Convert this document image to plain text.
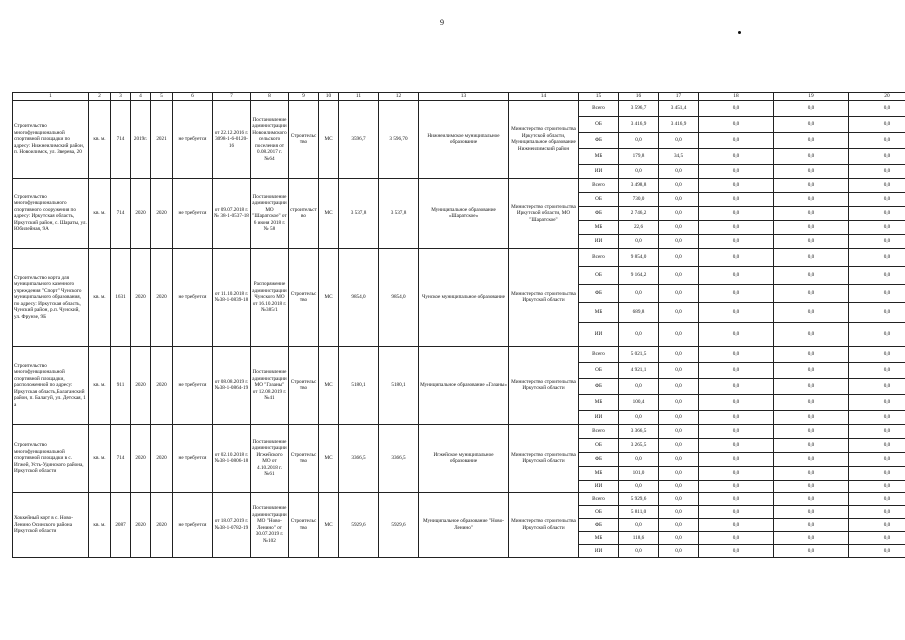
9
1	2	3	4	5	6	7	8	9	10	11	12	13	14	15	16	17	18	19	20
Строительство многофункциональной спортивной площадки по адресу: Нижнеилимский район, п. Новоилимск, ул. Зверева, 20	кв. м.	714	2019г.	2021	не требуется	от 22.12.2016 г. 3098-1-6-0120-16	Постановление администрации Новоилимского сельского поселения от 0.08.2017 г. №64	Строительство	МС	3596,7	3 596,70	Нижнеилимское муниципальное образование	Министерство строительства Иркутской области, Муниципальное образование Нижнеилимский район	Всего	3 596,7	3 451,4	0,0	0,0	0,0
														ОБ	3 416,9	3 416,9	0,0	0,0	0,0
														ФБ	0,0	0,0	0,0	0,0	0,0
														МБ	179,8	34,5	0,0	0,0	0,0
														ИИ	0,0	0,0	0,0	0,0	0,0
Строительство многофункционального спортивного сооружения по адресу: Иркутская область, Иркутский район, с. Шараты, ул. Юбилейная, 9А	кв. м.	714	2020	2020	не требуется	от 09.07.2018 г. № 38-1-0537-18	Постановление администрации МО "Шаратское" от 6 июня 2018 г. № 58	строительство	МС	3 537,8	3 537,8	Муниципальное образование «Шаратское»	Министерство строительства Иркутской области, МО "Шаратское"	Всего	3 498,8	0,0	0,0	0,0	0,0
														ОБ	730,0	0,0	0,0	0,0	0,0
														ФБ	2 746,2	0,0	0,0	0,0	0,0
														МБ	22,6	0,0	0,0	0,0	0,0
														ИИ	0,0	0,0	0,0	0,0	0,0
Строительство корта для муниципального казенного учреждения "Спорт" Чунского муниципального образования, по адресу: Иркутская область, Чунский район, р.п. Чунский, ул. Фрунзе, 9Б	кв. м.	1631	2020	2020	не требуется	от 11.10.2018 г. №38-1-0839-18	Распоряжение администрации Чунского МО от 16.10.2018 г. №385/1	Строительство	МС	9854,0	9854,0	Чунское муниципальное образование	Министерство строительства Иркутской области	Всего	9 854,0	0,0	0,0	0,0	0,0
														ОБ	9 164,2	0,0	0,0	0,0	0,0
														ФБ	0,0	0,0	0,0	0,0	0,0
														МБ	689,8	0,0	0,0	0,0	0,0
														ИИ	0,0	0,0	0,0	0,0	0,0
Строительство многофункциональной спортивной площадки, расположенной по адресу: Иркутская область,Балаганский район, п. Балагуй, ул. Детская, 1 а	кв. м.	911	2020	2020	не требуется	от 08.08.2019 г. №38-1-0864-19	Постановление администрации МО "Газаны" от 12.08.2019 г. №41	Строительство	МС	5180,1	5180,1	Муниципальное образование «Газаны»	Министерство строительства Иркутской области	Всего	5 021,5	0,0	0,0	0,0	0,0
														ОБ	4 921,1	0,0	0,0	0,0	0,0
														ФБ	0,0	0,0	0,0	0,0	0,0
														МБ	100,4	0,0	0,0	0,0	0,0
														ИИ	0,0	0,0	0,0	0,0	0,0
Строительство многофункциональной спортивной площадки в с. Игжей, Усть-Удинского района, Иркутской области	кв. м.	714	2020	2020	не требуется	от 02.10.2018 г. №38-1-0806-18	Постановление администрации Игжейского МО от 4.10.2018 г. №61	Строительство	МС	3366,5	3366,5	Игжейское муниципальное образование	Министерство строительства Иркутской области	Всего	3 366,5	0,0	0,0	0,0	0,0
														ОБ	3 265,5	0,0	0,0	0,0	0,0
														ФБ	0,0	0,0	0,0	0,0	0,0
														МБ	101,0	0,0	0,0	0,0	0,0
														ИИ	0,0	0,0	0,0	0,0	0,0
Хоккейный корт в с. Ново-Ленино Осинского района Иркутской области	кв. м.	2087	2020	2020	не требуется	от 18.07.2019 г. №38-1-0782-19	Постановление администрации МО "Ново-Ленино" от 30.07.2019 г. №102	Строительство	МС	5929,6	5929,6	Муниципальное образование "Ново-Ленино"	Министерство строительства Иркутской области	Всего	5 929,6	0,0	0,0	0,0	0,0
														ОБ	5 811,0	0,0	0,0	0,0	0,0
														ФБ	0,0	0,0	0,0	0,0	0,0
														МБ	118,6	0,0	0,0	0,0	0,0
														ИИ	0,0	0,0	0,0	0,0	0,0
